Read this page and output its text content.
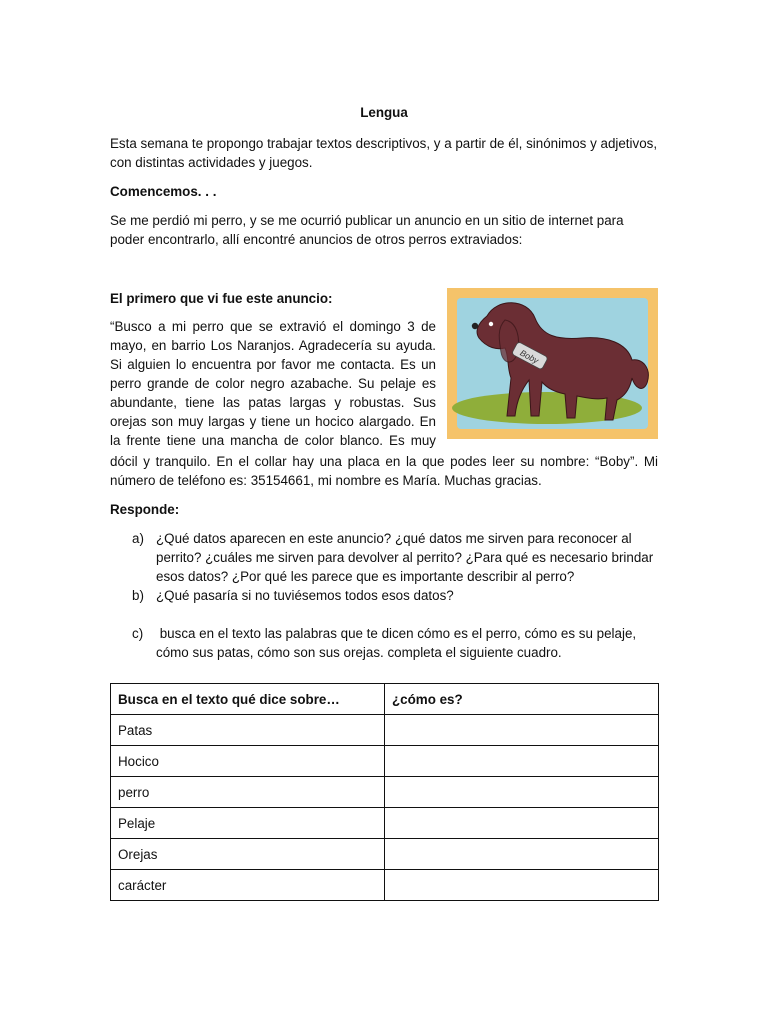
Lengua

Esta semana te propongo trabajar textos descriptivos, y a partir de él, sinónimos y adjetivos, con distintas actividades y juegos.

Comencemos. . .

Se me perdió mi perro, y se me ocurrió publicar un anuncio en un sitio de internet para poder encontrarlo, allí encontré anuncios de otros perros extraviados:

El primero que vi fue este anuncio:

“Busco a mi perro que se extravió el domingo 3 de
mayo, en barrio Los Naranjos. Agradecería su ayuda.
Si alguien lo encuentra por favor me contacta. Es un
perro grande de color negro azabache. Su pelaje es
abundante, tiene las patas largas y robustas. Sus
orejas son muy largas y tiene un hocico alargado. En
la frente tiene una mancha de color blanco. Es muy

dócil y tranquilo. En el collar hay una placa en la que podes leer su nombre: “Boby”. Mi número de teléfono es: 35154661, mi nombre es María. Muchas gracias.

Boby

Responde:

a) ¿Qué datos aparecen en este anuncio? ¿qué datos me sirven para reconocer al perrito? ¿cuáles me sirven para devolver al perrito? ¿Para qué es necesario brindar esos datos? ¿Por qué les parece que es importante describir al perro?
b) ¿Qué pasaría si no tuviésemos todos esos datos?
c) busca en el texto las palabras que te dicen cómo es el perro, cómo es su pelaje, cómo sus patas, cómo son sus orejas. completa el siguiente cuadro.
Busca en el texto qué dice sobre…	¿cómo es?
Patas	
Hocico	
perro	
Pelaje	
Orejas	
carácter	
